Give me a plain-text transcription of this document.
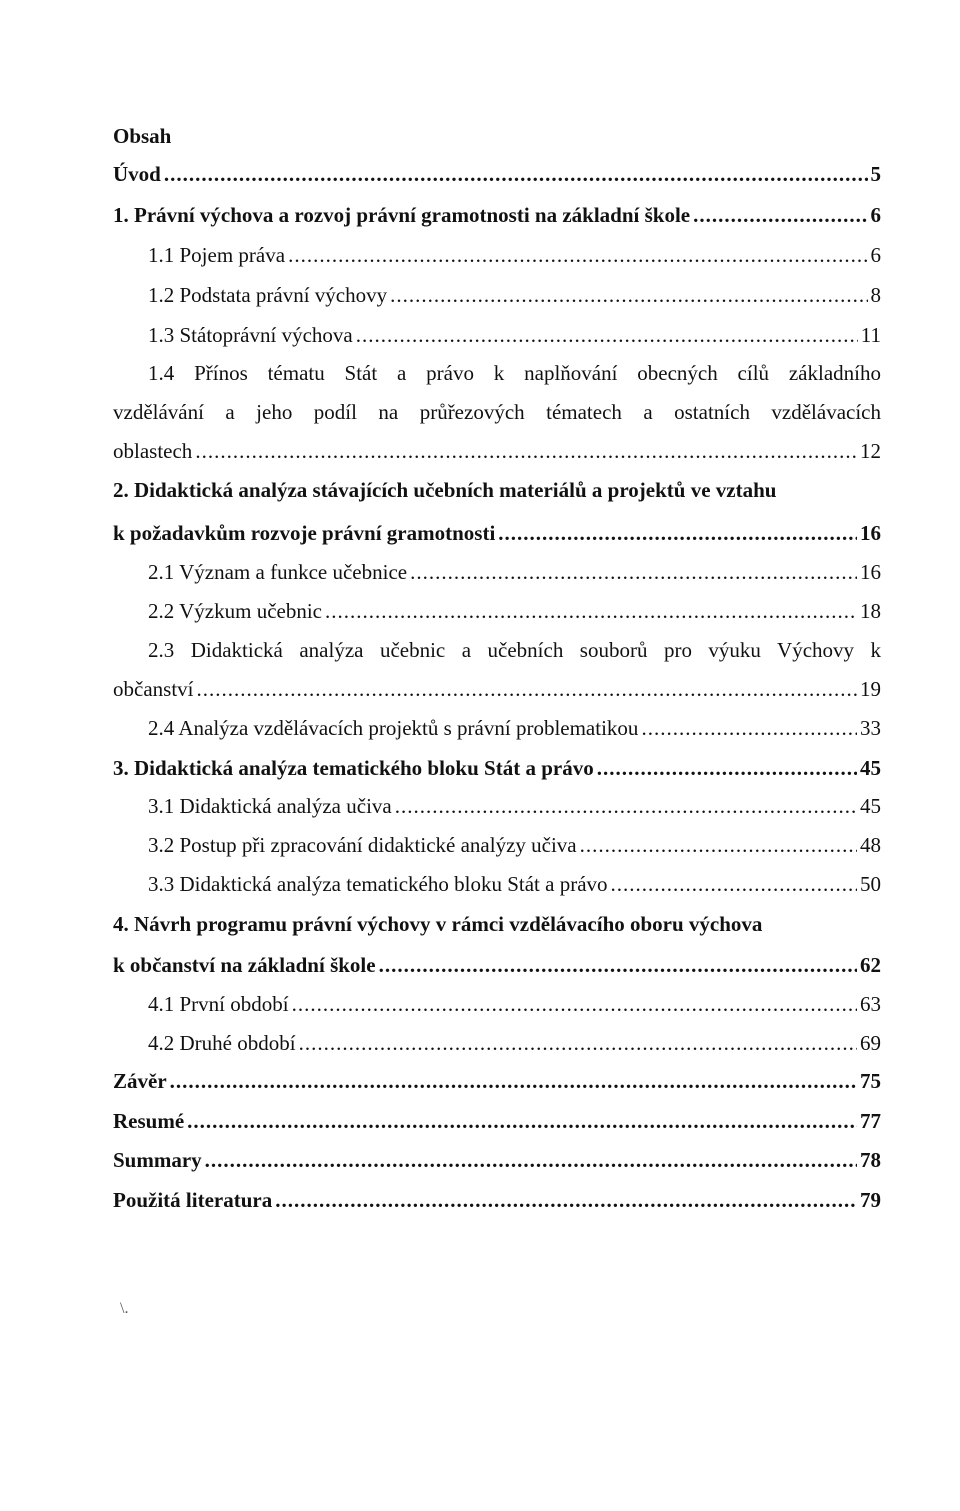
Obsah
Úvod .....	5
1. Právní výchova a rozvoj právní gramotnosti na základní škole .....	6
1.1 Pojem práva .....	6
1.2 Podstata právní výchovy .....	8
1.3 Státoprávní výchova .....	11
1.4 Přínos tématu Stát a právo k naplňování obecných cílů základního
vzdělávání a jeho podíl na průřezových tématech a ostatních vzdělávacích
oblastech .....	12
2. Didaktická analýza stávajících učebních materiálů a projektů ve vztahu
k požadavkům rozvoje právní gramotnosti .....	16
2.1 Význam a funkce učebnice .....	16
2.2 Výzkum učebnic .....	18
2.3 Didaktická analýza učebnic a učebních souborů pro výuku Výchovy k
občanství .....	19
2.4 Analýza vzdělávacích projektů s právní problematikou .....	33
3. Didaktická analýza tematického bloku Stát a právo .....	45
3.1 Didaktická analýza učiva .....	45
3.2 Postup při zpracování didaktické analýzy učiva .....	48
3.3 Didaktická analýza tematického bloku Stát a právo .....	50
4. Návrh programu právní výchovy v rámci vzdělávacího oboru výchova
k občanství na základní škole .....	62
4.1 První období .....	63
4.2 Druhé období .....	69
Závěr .....	75
Resumé .....	77
Summary .....	78
Použitá literatura .....	79
\.
